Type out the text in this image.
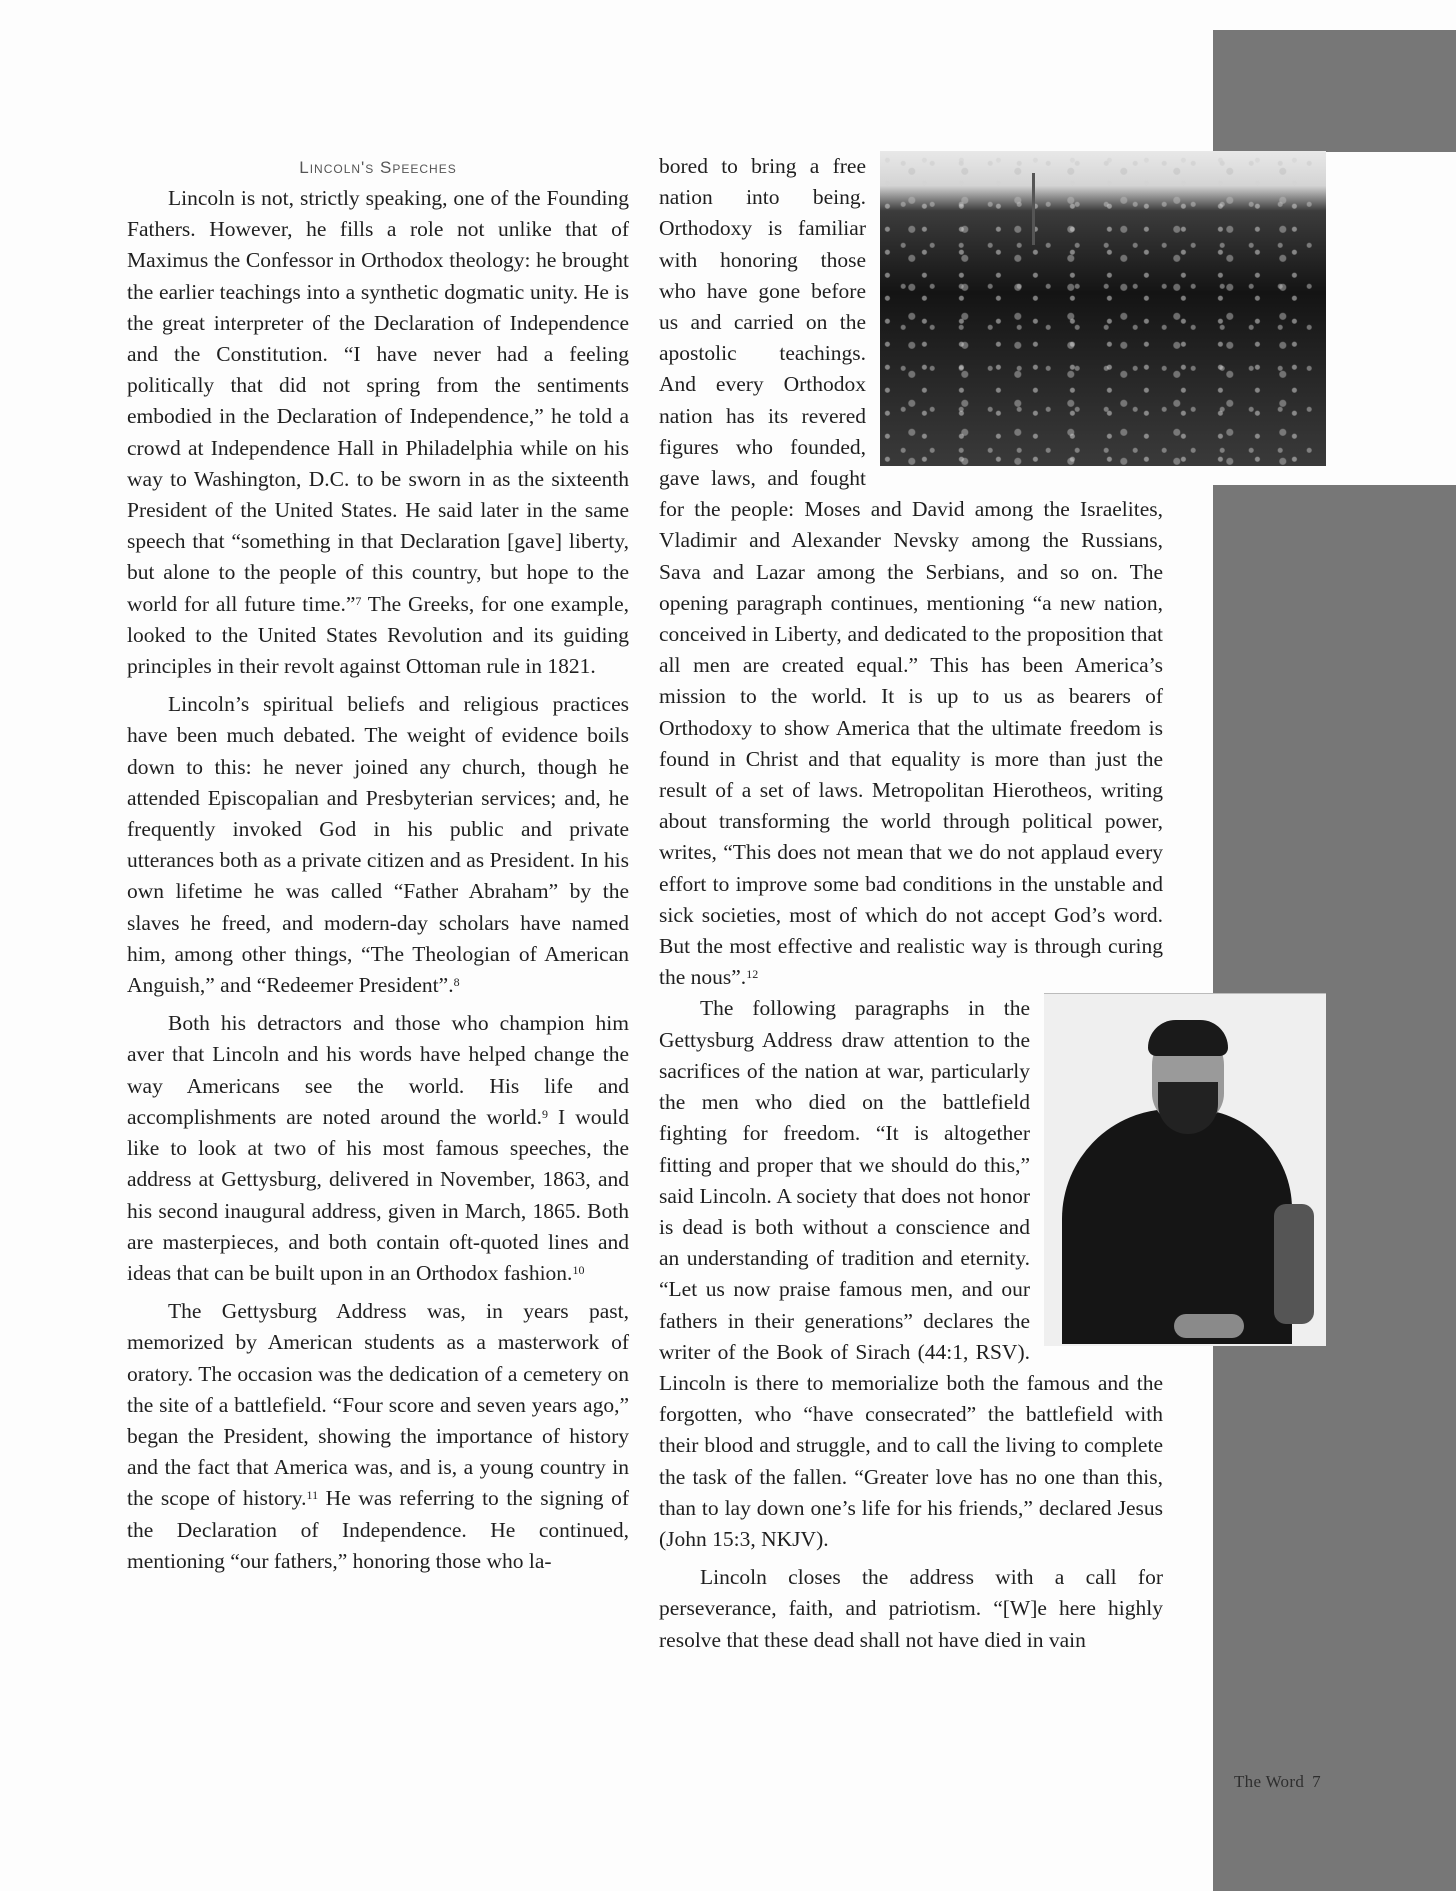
Lincoln's Speeches

Lincoln is not, strictly speaking, one of the Founding Fathers. However, he fills a role not unlike that of Maximus the Confessor in Orthodox theology: he brought the earlier teachings into a synthetic dogmatic unity. He is the great interpreter of the Declaration of Independence and the Constitution. “I have never had a feeling politically that did not spring from the sentiments embodied in the Declaration of Independence,” he told a crowd at Independence Hall in Philadelphia while on his way to Washington, D.C. to be sworn in as the sixteenth President of the United States. He said later in the same speech that “something in that Declaration [gave] liberty, but alone to the people of this country, but hope to the world for all future time.”$^7$ The Greeks, for one example, looked to the United States Revolution and its guiding principles in their revolt against Ottoman rule in 1821.

Lincoln’s spiritual beliefs and religious practices have been much debated. The weight of evidence boils down to this: he never joined any church, though he attended Episcopalian and Presbyterian services; and, he frequently invoked God in his public and private utterances both as a private citizen and as President. In his own lifetime he was called “Father Abraham” by the slaves he freed, and modern-day scholars have named him, among other things, “The Theologian of American Anguish,” and “Redeemer President”.$^8$

Both his detractors and those who champion him aver that Lincoln and his words have helped change the way Americans see the world. His life and accomplishments are noted around the world.$^9$ I would like to look at two of his most famous speeches, the address at Gettysburg, delivered in November, 1863, and his second inaugural address, given in March, 1865. Both are masterpieces, and both contain oft-quoted lines and ideas that can be built upon in an Orthodox fashion.$^{10}$

The Gettysburg Address was, in years past, memorized by American students as a masterwork of oratory. The occasion was the dedication of a cemetery on the site of a battlefield. “Four score and seven years ago,” began the President, showing the importance of history and the fact that America was, and is, a young country in the scope of history.$^{11}$ He was referring to the signing of the Declaration of Independence. He continued, mentioning “our fathers,” honoring those who la-

bored to bring a free nation into being. Orthodoxy is familiar with honoring those who have gone before us and carried on the apostolic teachings. And every Orthodox nation has its revered figures who founded, gave laws, and fought for the people: Moses and David among the Israelites, Vladimir and Alexander Nevsky among the Russians, Sava and Lazar among the Serbians, and so on. The opening paragraph continues, mentioning “a new nation, conceived in Liberty, and dedicated to the proposition that all men are created equal.” This has been America’s mission to the world. It is up to us as bearers of Orthodoxy to show America that the ultimate freedom is found in Christ and that equality is more than just the result of a set of laws. Metropolitan Hierotheos, writing about transforming the world through political power, writes, “This does not mean that we do not applaud every effort to improve some bad conditions in the unstable and sick societies, most of which do not accept God’s word. But the most effective and realistic way is through curing the nous”.$^{12}$

The following paragraphs in the Gettysburg Address draw attention to the sacrifices of the nation at war, particularly the men who died on the battlefield fighting for freedom. “It is altogether fitting and proper that we should do this,” said Lincoln. A society that does not honor is dead is both without a conscience and an understanding of tradition and eternity. “Let us now praise famous men, and our fathers in their generations” declares the writer of the Book of Sirach (44:1, RSV). Lincoln is there to memorialize both the famous and the forgotten, who “have consecrated” the battlefield with their blood and struggle, and to call the living to complete the task of the fallen. “Greater love has no one than this, than to lay down one’s life for his friends,” declared Jesus (John 15:3, NKJV).

Lincoln closes the address with a call for perseverance, faith, and patriotism. “[W]e here highly resolve that these dead shall not have died in vain

The Word 7
